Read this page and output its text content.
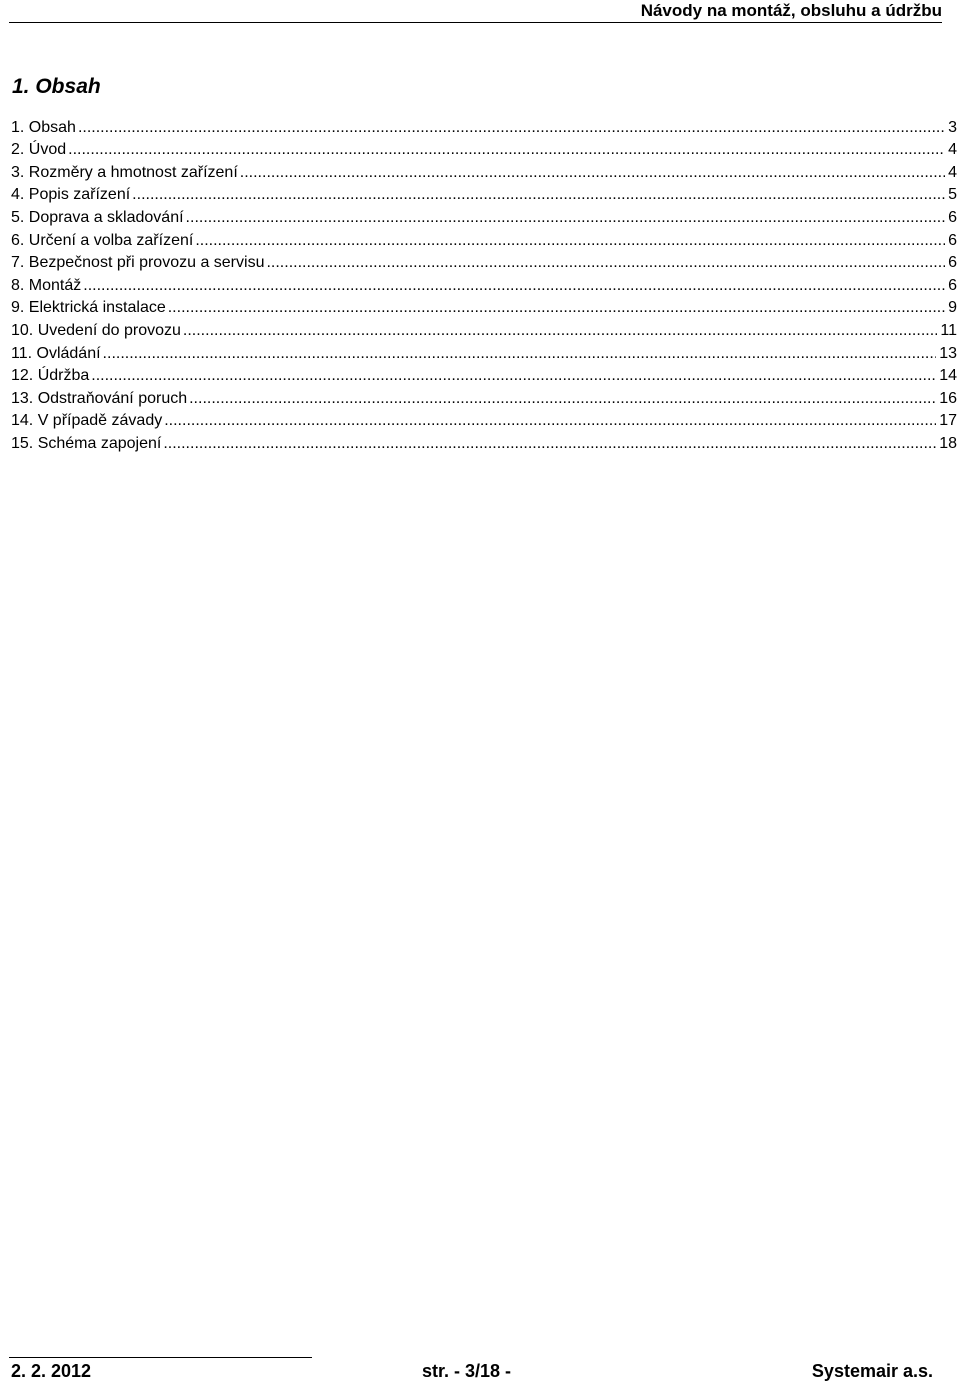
Návody na montáž, obsluhu a údržbu
1. Obsah
1. Obsah .....	3
2. Úvod .....	4
3. Rozměry a hmotnost zařízení .....	4
4. Popis zařízení .....	5
5. Doprava a skladování .....	6
6. Určení a volba zařízení .....	6
7. Bezpečnost při provozu a servisu .....	6
8. Montáž .....	6
9. Elektrická instalace .....	9
10. Uvedení do provozu .....	11
11. Ovládání .....	13
12. Údržba .....	14
13. Odstraňování poruch .....	16
14. V případě závady .....	17
15. Schéma zapojení .....	18
2. 2. 2012	str. - 3/18 -	Systemair a.s.
